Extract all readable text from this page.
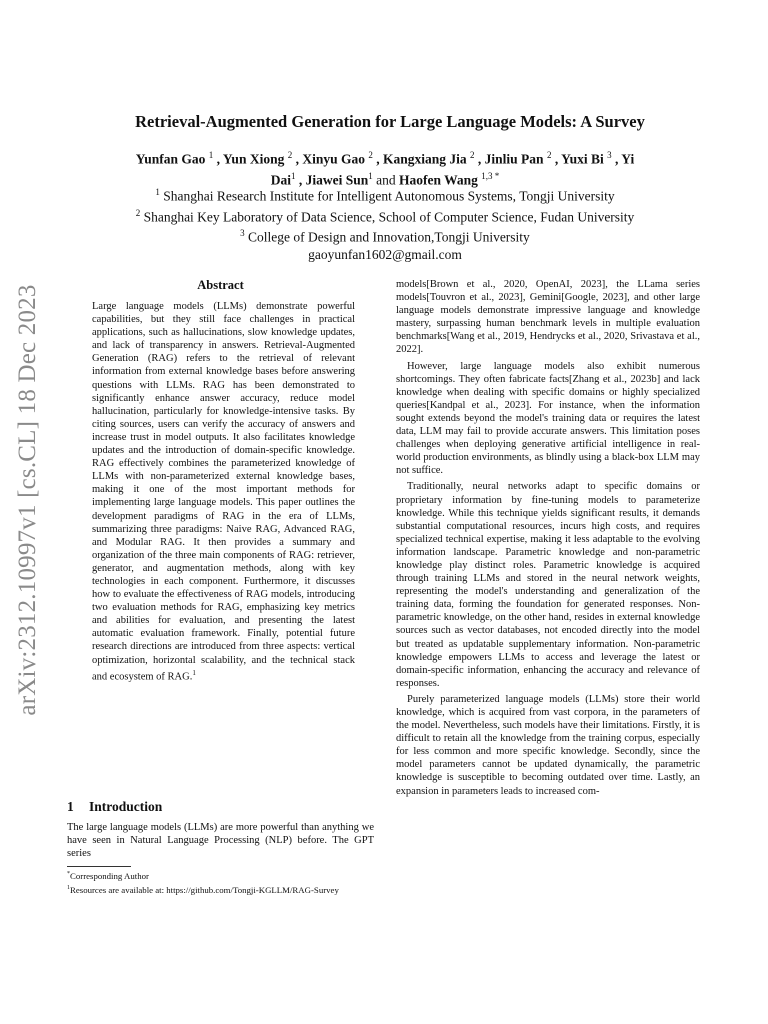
arXiv:2312.10997v1 [cs.CL] 18 Dec 2023
Retrieval-Augmented Generation for Large Language Models: A Survey
Yunfan Gao $^1$ , Yun Xiong $^2$ , Xinyu Gao $^2$ , Kangxiang Jia $^2$ , Jinliu Pan $^2$ , Yuxi Bi $^3$ , Yi
Dai$^1$ , Jiawei Sun$^1$ and Haofen Wang $^{1,3 *}$
$^1$ Shanghai Research Institute for Intelligent Autonomous Systems, Tongji University
$^2$ Shanghai Key Laboratory of Data Science, School of Computer Science, Fudan University
$^3$ College of Design and Innovation,Tongji University
gaoyunfan1602@gmail.com
Abstract
Large language models (LLMs) demonstrate powerful capabilities, but they still face challenges in practical applications, such as hallucinations, slow knowledge updates, and lack of transparency in answers. Retrieval-Augmented Generation (RAG) refers to the retrieval of relevant information from external knowledge bases before answering questions with LLMs. RAG has been demonstrated to significantly enhance answer accuracy, reduce model hallucination, particularly for knowledge-intensive tasks. By citing sources, users can verify the accuracy of answers and increase trust in model outputs. It also facilitates knowledge updates and the introduction of domain-specific knowledge. RAG effectively combines the parameterized knowledge of LLMs with non-parameterized external knowledge bases, making it one of the most important methods for implementing large language models. This paper outlines the development paradigms of RAG in the era of LLMs, summarizing three paradigms: Naive RAG, Advanced RAG, and Modular RAG. It then provides a summary and organization of the three main components of RAG: retriever, generator, and augmentation methods, along with key technologies in each component. Furthermore, it discusses how to evaluate the effectiveness of RAG models, introducing two evaluation methods for RAG, emphasizing key metrics and abilities for evaluation, and presenting the latest automatic evaluation framework. Finally, potential future research directions are introduced from three aspects: vertical optimization, horizontal scalability, and the technical stack and ecosystem of RAG.$^1$
1 Introduction
The large language models (LLMs) are more powerful than anything we have seen in Natural Language Processing (NLP) before. The GPT series
*Corresponding Author
$^1$Resources are available at: https://github.com/Tongji-KGLLM/RAG-Survey

models[Brown et al., 2020, OpenAI, 2023], the LLama series models[Touvron et al., 2023], Gemini[Google, 2023], and other large language models demonstrate impressive language and knowledge mastery, surpassing human benchmark levels in multiple evaluation benchmarks[Wang et al., 2019, Hendrycks et al., 2020, Srivastava et al., 2022].

However, large language models also exhibit numerous shortcomings. They often fabricate facts[Zhang et al., 2023b] and lack knowledge when dealing with specific domains or highly specialized queries[Kandpal et al., 2023]. For instance, when the information sought extends beyond the model's training data or requires the latest data, LLM may fail to provide accurate answers. This limitation poses challenges when deploying generative artificial intelligence in real-world production environments, as blindly using a black-box LLM may not suffice.

Traditionally, neural networks adapt to specific domains or proprietary information by fine-tuning models to parameterize knowledge. While this technique yields significant results, it demands substantial computational resources, incurs high costs, and requires specialized technical expertise, making it less adaptable to the evolving information landscape. Parametric knowledge and non-parametric knowledge play distinct roles. Parametric knowledge is acquired through training LLMs and stored in the neural network weights, representing the model's understanding and generalization of the training data, forming the foundation for generated responses. Non-parametric knowledge, on the other hand, resides in external knowledge sources such as vector databases, not encoded directly into the model but treated as updatable supplementary information. Non-parametric knowledge empowers LLMs to access and leverage the latest or domain-specific information, enhancing the accuracy and relevance of responses.

Purely parameterized language models (LLMs) store their world knowledge, which is acquired from vast corpora, in the parameters of the model. Nevertheless, such models have their limitations. Firstly, it is difficult to retain all the knowledge from the training corpus, especially for less common and more specific knowledge. Secondly, since the model parameters cannot be updated dynamically, the parametric knowledge is susceptible to becoming outdated over time. Lastly, an expansion in parameters leads to increased com-
